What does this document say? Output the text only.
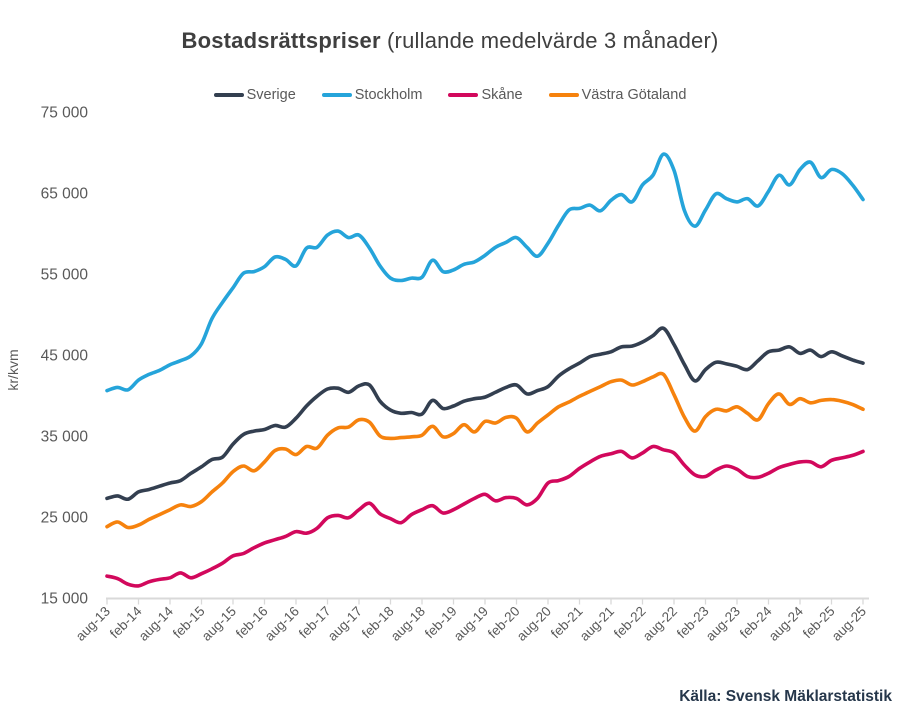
Bostadsrättspriser (rullande medelvärde 3 månader)
Sverige	Stockholm	Skåne	Västra Götaland
aug-13
feb-14
aug-14
feb-15
aug-15
feb-16
aug-16
feb-17
aug-17
feb-18
aug-18
feb-19
aug-19
feb-20
aug-20
feb-21
aug-21
feb-22
aug-22
feb-23
aug-23
feb-24
aug-24
feb-25
aug-25
15 000
25 000
35 000
45 000
55 000
65 000
75 000
kr/kvm
Källa: Svensk Mäklarstatistik
